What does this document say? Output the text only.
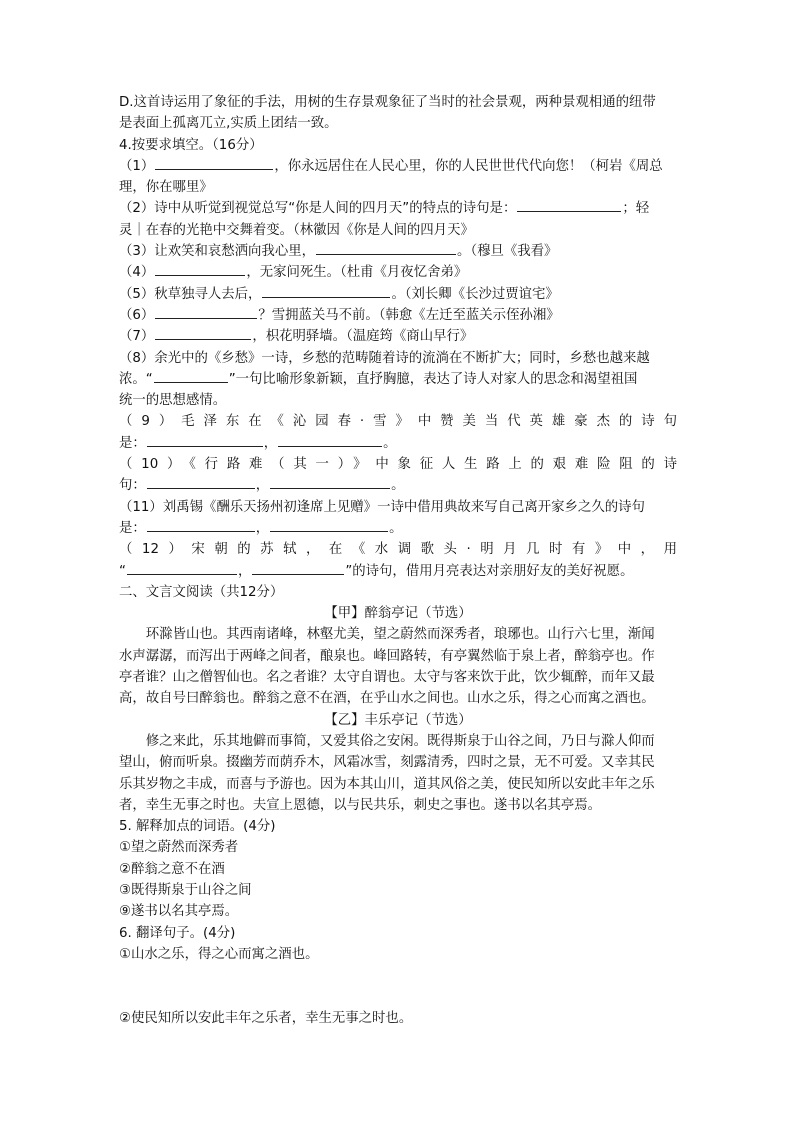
D.这首诗运用了象征的手法，用树的生存景观象征了当时的社会景观，两种景观相通的纽带
是表面上孤离兀立,实质上团结一致。
4.按要求填空。（16分）
（1）	，你永远居住在人民心里，你的人民世世代代向您！（柯岩《周总
理，你在哪里》
（2）诗中从听觉到视觉总写“你是人间的四月天”的特点的诗句是：	；轻
灵｜在春的光艳中交舞着变。（林徽因《你是人间的四月天》
（3）让欢笑和哀愁洒向我心里，	。（穆旦《我看》
（4）	，无家问死生。（杜甫《月夜忆舍弟》
（5）秋草独寻人去后，	。（刘长卿《长沙过贾谊宅》
（6）	？雪拥蓝关马不前。（韩愈《左迁至蓝关示侄孙湘》
（7）	，枳花明驿墙。（温庭筠《商山早行》
（8）余光中的《乡愁》一诗，乡愁的范畴随着诗的流淌在不断扩大；同时，乡愁也越来越
浓。“	”一句比喻形象新颖，直抒胸臆，表达了诗人对家人的思念和渴望祖国
统一的思想感情。
（9）毛泽东在《沁园春·雪》中赞美当代英雄豪杰的诗句
是：	，	。
（10）《行路难（其一）》中象征人生路上的艰难险阻的诗
句：	，	。
（11）刘禹锡《酬乐天扬州初逢席上见赠》一诗中借用典故来写自己离开家乡之久的诗句
是：	，	。
（12）宋朝的苏轼，在《水调歌头·明月几时有》中，用
“	，	”的诗句，借用月亮表达对亲朋好友的美好祝愿。
二、文言文阅读（共12分）
【甲】醉翁亭记（节选）
环滁皆山也。其西南诸峰，林壑尤美，望之蔚然而深秀者，琅琊也。山行六七里，渐闻
水声潺潺，而泻出于两峰之间者，酿泉也。峰回路转，有亭翼然临于泉上者，醉翁亭也。作
亭者谁？山之僧智仙也。名之者谁？太守自谓也。太守与客来饮于此，饮少辄醉，而年又最
高，故自号曰醉翁也。醉翁之意不在酒，在乎山水之间也。山水之乐，得之心而寓之酒也。
【乙】丰乐亭记（节选）
修之来此，乐其地僻而事简，又爱其俗之安闲。既得斯泉于山谷之间，乃日与滁人仰而
望山，俯而听泉。掇幽芳而荫乔木，风霜冰雪，刻露清秀，四时之景，无不可爱。又幸其民
乐其岁物之丰成，而喜与予游也。因为本其山川，道其风俗之美，使民知所以安此丰年之乐
者，幸生无事之时也。夫宣上恩德，以与民共乐，刺史之事也。遂书以名其亭焉。
5. 解释加点的词语。(4分)
①望之蔚然而深秀者
②醉翁之意不在酒
③既得斯泉于山谷之间
⑨遂书以名其亭焉。
6. 翻译句子。(4分)
①山水之乐，得之心而寓之酒也。
②使民知所以安此丰年之乐者，幸生无事之时也。
